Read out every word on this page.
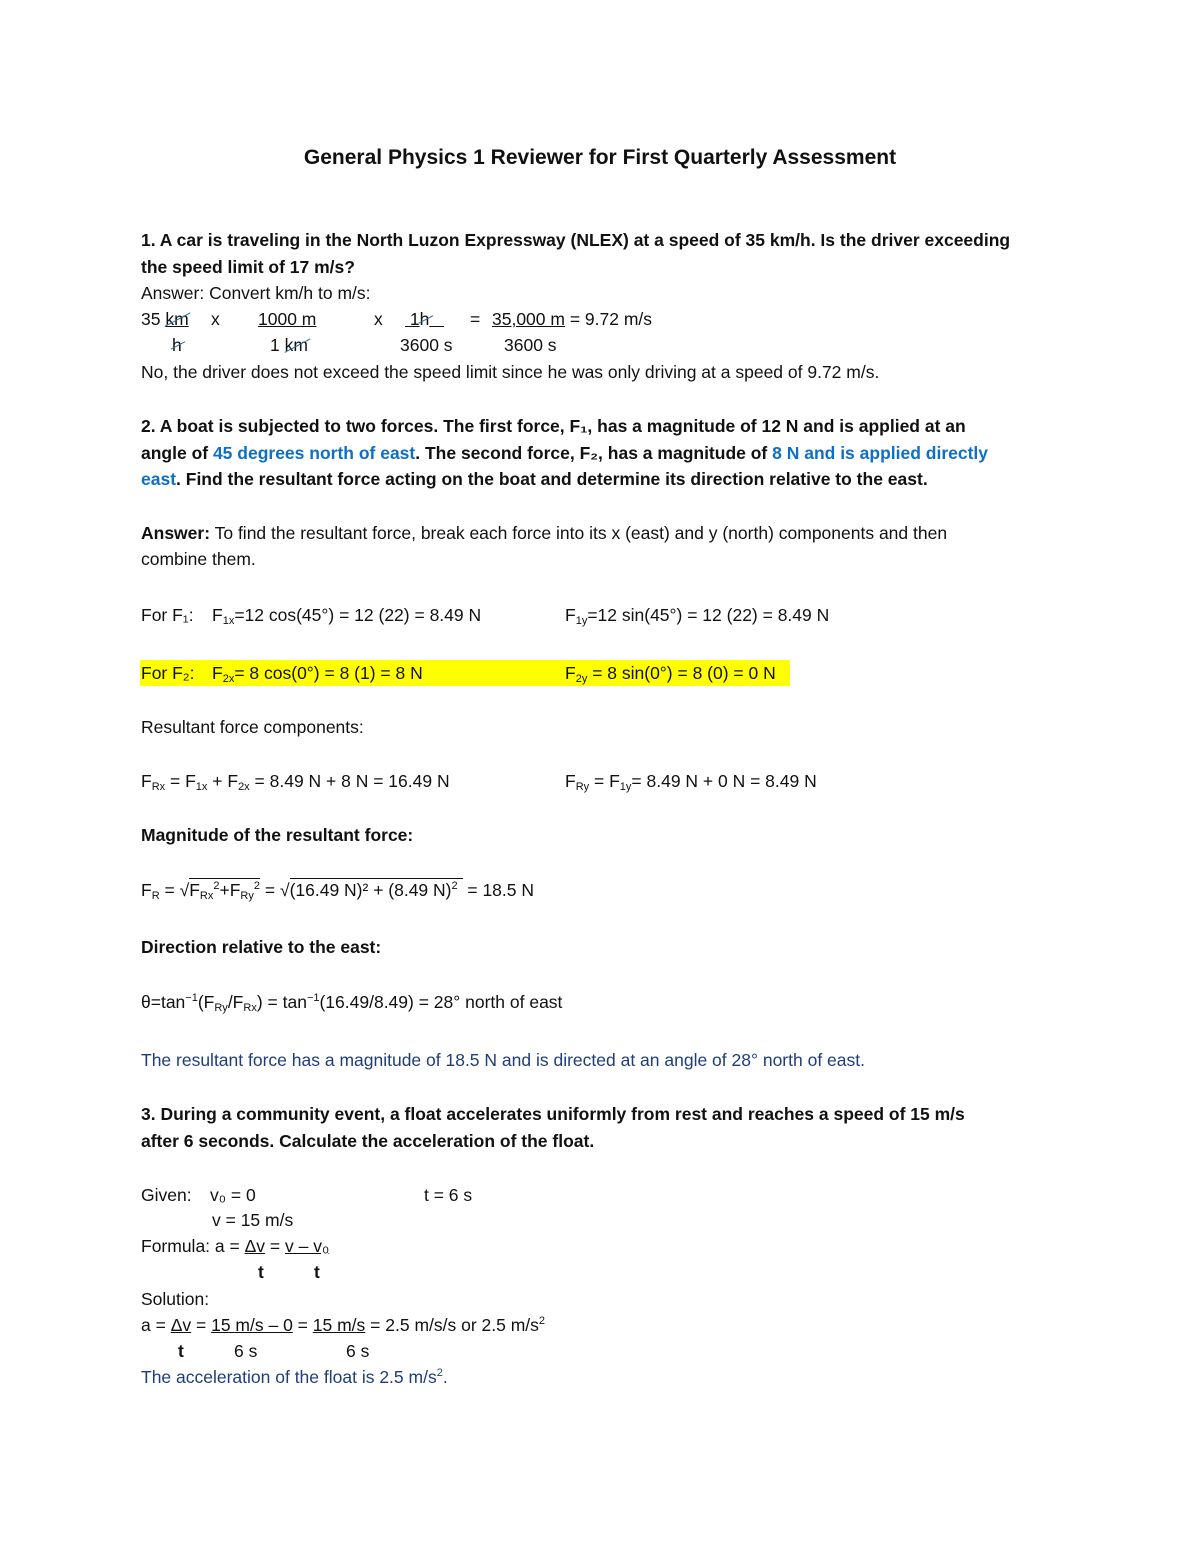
General Physics 1 Reviewer for First Quarterly Assessment
1. A car is traveling in the North Luzon Expressway (NLEX) at a speed of 35 km/h. Is the driver exceeding
the speed limit of 17 m/s?
Answer: Convert km/h to m/s:
35 km
h
x 1000 m
1 km
x 1h
3600 s
= 35,000 m = 9.72 m/s
3600 s
No, the driver does not exceed the speed limit since he was only driving at a speed of 9.72 m/s.
2. A boat is subjected to two forces. The first force, F₁, has a magnitude of 12 N and is applied at an
angle of 45 degrees north of east. The second force, F₂, has a magnitude of 8 N and is applied directly
east. Find the resultant force acting on the boat and determine its direction relative to the east.
Answer: To find the resultant force, break each force into its x (east) and y (north) components and then
combine them.
For F₁: $F_{1x}=12$ cos(45°) = 12 (22) = 8.49 N	$F_{1y}=12$ sin(45°) = 12 (22) = 8.49 N
For F₂: $F_{2x}= 8$ cos(0°) = 8 (1) = 8 N	$F_{2y} = 8$ sin(0°) = 8 (0) = 0 N
Resultant force components:
$F_{Rx} = F_{1x} + F_{2x} = 8.49$ N + 8 N = 16.49 N	$F_{Ry} = F_{1y}= 8.49$ N + 0 N = 8.49 N
Magnitude of the resultant force:
$F_R = √F_{Rx}^2+F_{Ry}^2 = √(16.49$ N)² + (8.49 N)$^2$  = 18.5 N
Direction relative to the east:
$\theta=\tan^{-1}(F_{Ry}/F_{Rx}) = \tan^{-1}(16.49/8.49) = 28^\circ$ north of east
The resultant force has a magnitude of 18.5 N and is directed at an angle of 28° north of east.
3. During a community event, a float accelerates uniformly from rest and reaches a speed of 15 m/s
after 6 seconds. Calculate the acceleration of the float.
Given: v₀ = 0	t = 6 s
v = 15 m/s
Formula: a = Δv = v – v₀
t	t
Solution:
a = Δv = 15 m/s – 0 = 15 m/s = 2.5 m/s/s or 2.5 $m/s^2$
t	6 s	6 s
The acceleration of the float is 2.5 $m/s^2$.
